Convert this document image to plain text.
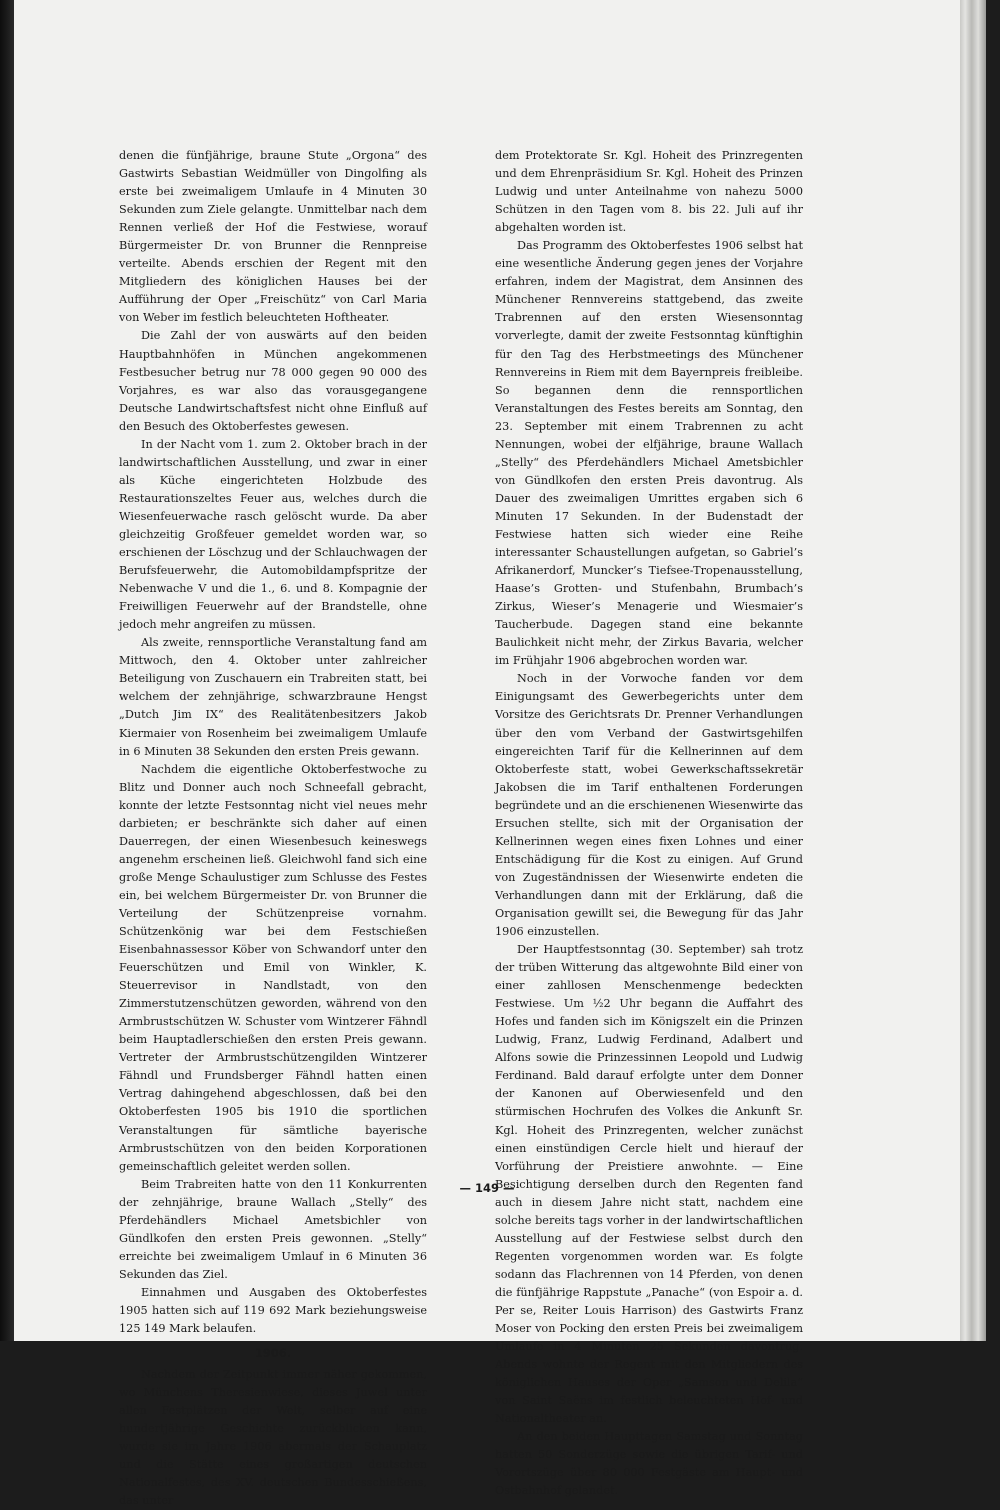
denen die fünfjährige, braune Stute „Orgona“ des Gastwirts Sebastian Weidmüller von Dingolfing als erste bei zweimaligem Umlaufe in 4 Minuten 30 Sekunden zum Ziele gelangte. Unmittelbar nach dem Rennen verließ der Hof die Festwiese, worauf Bürgermeister Dr. von Brunner die Rennpreise verteilte. Abends erschien der Regent mit den Mitgliedern des königlichen Hauses bei der Aufführung der Oper „Freischütz“ von Carl Maria von Weber im festlich beleuchteten Hoftheater.

Die Zahl der von auswärts auf den beiden Hauptbahnhöfen in München angekommenen Festbesucher betrug nur 78 000 gegen 90 000 des Vorjahres, es war also das vorausgegangene Deutsche Landwirtschaftsfest nicht ohne Einfluß auf den Besuch des Oktoberfestes gewesen.

In der Nacht vom 1. zum 2. Oktober brach in der landwirtschaftlichen Ausstellung, und zwar in einer als Küche eingerichteten Holzbude des Restaurationszeltes Feuer aus, welches durch die Wiesenfeuerwache rasch gelöscht wurde. Da aber gleichzeitig Großfeuer gemeldet worden war, so erschienen der Löschzug und der Schlauchwagen der Berufsfeuerwehr, die Automobildampfspritze der Nebenwache V und die 1., 6. und 8. Kompagnie der Freiwilligen Feuerwehr auf der Brandstelle, ohne jedoch mehr angreifen zu müssen.

Als zweite, rennsportliche Veranstaltung fand am Mittwoch, den 4. Oktober unter zahlreicher Beteiligung von Zuschauern ein Trabreiten statt, bei welchem der zehnjährige, schwarzbraune Hengst „Dutch Jim IX“ des Realitätenbesitzers Jakob Kiermaier von Rosenheim bei zweimaligem Umlaufe in 6 Minuten 38 Sekunden den ersten Preis gewann.

Nachdem die eigentliche Oktoberfestwoche zu Blitz und Donner auch noch Schneefall gebracht, konnte der letzte Festsonntag nicht viel neues mehr darbieten; er beschränkte sich daher auf einen Dauerregen, der einen Wiesenbesuch keineswegs angenehm erscheinen ließ. Gleichwohl fand sich eine große Menge Schaulustiger zum Schlusse des Festes ein, bei welchem Bürgermeister Dr. von Brunner die Verteilung der Schützenpreise vornahm. Schützenkönig war bei dem Festschießen Eisenbahnassessor Köber von Schwandorf unter den Feuerschützen und Emil von Winkler, K. Steuerrevisor in Nandlstadt, von den Zimmerstutzenschützen geworden, während von den Armbrustschützen W. Schuster vom Wintzerer Fähndl beim Hauptadlerschießen den ersten Preis gewann. Vertreter der Armbrustschützengilden Wintzerer Fähndl und Frundsberger Fähndl hatten einen Vertrag dahingehend abgeschlossen, daß bei den Oktoberfesten 1905 bis 1910 die sportlichen Veranstaltungen für sämtliche bayerische Armbrustschützen von den beiden Korporationen gemeinschaftlich geleitet werden sollen.

Beim Trabreiten hatte von den 11 Konkurrenten der zehnjährige, braune Wallach „Stelly“ des Pferdehändlers Michael Ametsbichler von Gündlkofen den ersten Preis gewonnen. „Stelly“ erreichte bei zweimaligem Umlauf in 6 Minuten 36 Sekunden das Ziel.

Einnahmen und Ausgaben des Oktoberfestes 1905 hatten sich auf 119 692 Mark beziehungsweise 125 149 Mark belaufen.

1906.

Nachdem der Zeitpunkt immer näher gekommen, wo Münchens Theresienwiese, dieses Juwel unter allen Festplätzen der Welt, selber auf eine hundertjährige Geschichte zurückblicken kann, wurde sie im Jahre 1906 abermals der Schauplatz und die Stätte eines großartigen deutschen Nationalfestes, des XV. deutschen Bundesschießens, das unter

dem Protektorate Sr. Kgl. Hoheit des Prinzregenten und dem Ehrenpräsidium Sr. Kgl. Hoheit des Prinzen Ludwig und unter Anteilnahme von nahezu 5000 Schützen in den Tagen vom 8. bis 22. Juli auf ihr abgehalten worden ist.

Das Programm des Oktoberfestes 1906 selbst hat eine wesentliche Änderung gegen jenes der Vorjahre erfahren, indem der Magistrat, dem Ansinnen des Münchener Rennvereins stattgebend, das zweite Trabrennen auf den ersten Wiesensonntag vorverlegte, damit der zweite Festsonntag künftighin für den Tag des Herbstmeetings des Münchener Rennvereins in Riem mit dem Bayernpreis freibleibe. So begannen denn die rennsportlichen Veranstaltungen des Festes bereits am Sonntag, den 23. September mit einem Trabrennen zu acht Nennungen, wobei der elfjährige, braune Wallach „Stelly“ des Pferdehändlers Michael Ametsbichler von Gündlkofen den ersten Preis davontrug. Als Dauer des zweimaligen Umrittes ergaben sich 6 Minuten 17 Sekunden. In der Budenstadt der Festwiese hatten sich wieder eine Reihe interessanter Schaustellungen aufgetan, so Gabriel’s Afrikanerdorf, Muncker’s Tiefsee-Tropenausstellung, Haase’s Grotten- und Stufenbahn, Brumbach’s Zirkus, Wieser’s Menagerie und Wiesmaier’s Taucherbude. Dagegen stand eine bekannte Baulichkeit nicht mehr, der Zirkus Bavaria, welcher im Frühjahr 1906 abgebrochen worden war.

Noch in der Vorwoche fanden vor dem Einigungsamt des Gewerbegerichts unter dem Vorsitze des Gerichtsrats Dr. Prenner Verhandlungen über den vom Verband der Gastwirtsgehilfen eingereichten Tarif für die Kellnerinnen auf dem Oktoberfeste statt, wobei Gewerkschaftssekretär Jakobsen die im Tarif enthaltenen Forderungen begründete und an die erschienenen Wiesenwirte das Ersuchen stellte, sich mit der Organisation der Kellnerinnen wegen eines fixen Lohnes und einer Entschädigung für die Kost zu einigen. Auf Grund von Zugeständnissen der Wiesenwirte endeten die Verhandlungen dann mit der Erklärung, daß die Organisation gewillt sei, die Bewegung für das Jahr 1906 einzustellen.

Der Hauptfestsonntag (30. September) sah trotz der trüben Witterung das altgewohnte Bild einer von einer zahllosen Menschenmenge bedeckten Festwiese. Um ½2 Uhr begann die Auffahrt des Hofes und fanden sich im Königszelt ein die Prinzen Ludwig, Franz, Ludwig Ferdinand, Adalbert und Alfons sowie die Prinzessinnen Leopold und Ludwig Ferdinand. Bald darauf erfolgte unter dem Donner der Kanonen auf Oberwiesenfeld und den stürmischen Hochrufen des Volkes die Ankunft Sr. Kgl. Hoheit des Prinzregenten, welcher zunächst einen einstündigen Cercle hielt und hierauf der Vorführung der Preistiere anwohnte. — Eine Besichtigung derselben durch den Regenten fand auch in diesem Jahre nicht statt, nachdem eine solche bereits tags vorher in der landwirtschaftlichen Ausstellung auf der Festwiese selbst durch den Regenten vorgenommen worden war. Es folgte sodann das Flachrennen von 14 Pferden, von denen die fünfjährige Rappstute „Panache“ (von Espoir a. d. Per se, Reiter Louis Harrison) des Gastwirts Franz Moser von Pocking den ersten Preis bei zweimaligem Umlaufe in 4 Minuten 25 Sekunden davontrug. Abends wohnte der Regent mit den Mitgliedern des königlichen Hauses der Oper „Samson und Delila“ von Saint Saëns im festlich beleuchteten Hof- und Nationaltheater an.

An den beiden Haupttagen Samstag und Sonntag hatten 50 Sonderzüge sowie die übrigen Tarif- und Vorortszüge über 80 000 Festgäste am Haupt- und Ostbahnhof gelandet.

— 149 —
